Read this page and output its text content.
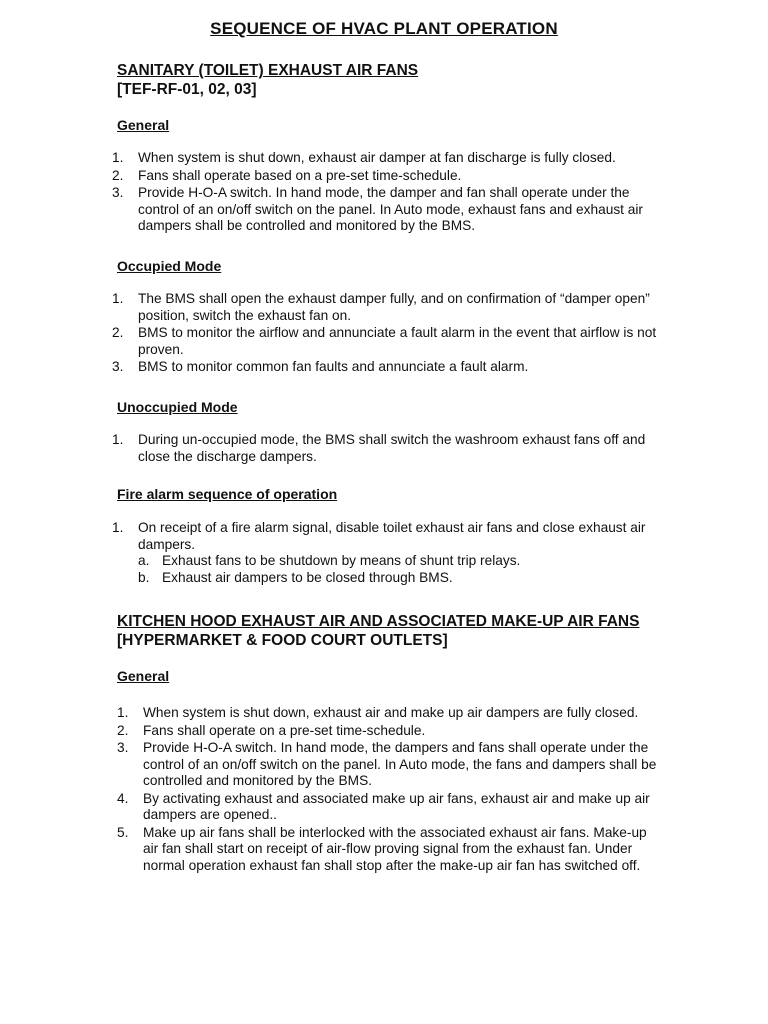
SEQUENCE OF HVAC PLANT OPERATION
SANITARY (TOILET) EXHAUST AIR FANS
[TEF-RF-01, 02, 03]
General
1. When system is shut down, exhaust air damper at fan discharge is fully closed.
2. Fans shall operate based on a pre-set time-schedule.
3. Provide H-O-A switch. In hand mode, the damper and fan shall operate under the control of an on/off switch on the panel. In Auto mode, exhaust fans and exhaust air dampers shall be controlled and monitored by the BMS.
Occupied Mode
1. The BMS shall open the exhaust damper fully, and on confirmation of “damper open” position, switch the exhaust fan on.
2. BMS to monitor the airflow and annunciate a fault alarm in the event that airflow is not proven.
3. BMS to monitor common fan faults and annunciate a fault alarm.
Unoccupied Mode
1. During un-occupied mode, the BMS shall switch the washroom exhaust fans off and close the discharge dampers.
Fire alarm sequence of operation
1. On receipt of a fire alarm signal, disable toilet exhaust air fans and close exhaust air dampers.
a. Exhaust fans to be shutdown by means of shunt trip relays.
b. Exhaust air dampers to be closed through BMS.
KITCHEN HOOD EXHAUST AIR AND ASSOCIATED MAKE-UP AIR FANS
[HYPERMARKET & FOOD COURT OUTLETS]
General
1. When system is shut down, exhaust air and make up air dampers are fully closed.
2. Fans shall operate on a pre-set time-schedule.
3. Provide H-O-A switch. In hand mode, the dampers and fans shall operate under the control of an on/off switch on the panel. In Auto mode, the fans and dampers shall be controlled and monitored by the BMS.
4. By activating exhaust and associated make up air fans, exhaust air and make up air dampers are opened..
5. Make up air fans shall be interlocked with the associated exhaust air fans. Make-up air fan shall start on receipt of air-flow proving signal from the exhaust fan. Under normal operation exhaust fan shall stop after the make-up air fan has switched off.
